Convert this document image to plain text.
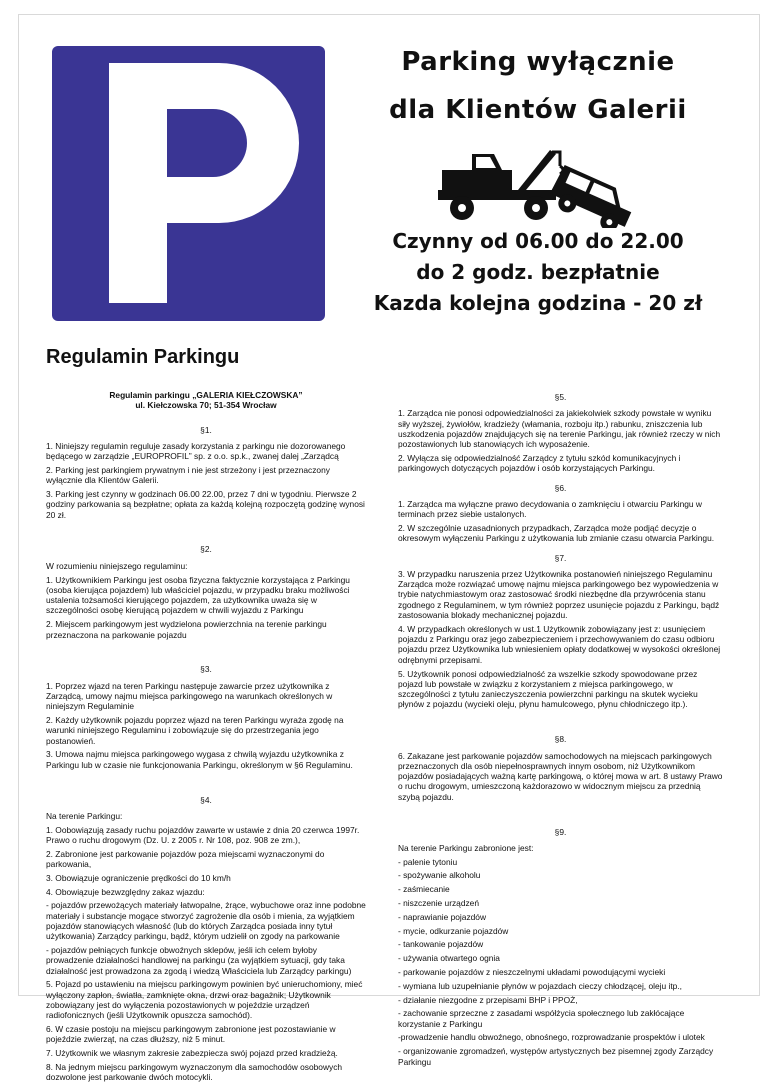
Parking wyłącznie
dla Klientów Galerii
Czynny od 06.00 do 22.00
do 2 godz. bezpłatnie
Kazda kolejna godzina - 20 zł
Regulamin Parkingu
Regulamin parkingu „GALERIA KIEŁCZOWSKA”
ul. Kiełczowska 70; 51-354 Wrocław
§1.

1. Niniejszy regulamin reguluje zasady korzystania z parkingu nie dozorowanego będącego w zarządzie „EUROPROFIL” sp. z o.o. sp.k., zwanej dalej „Zarządcą

2. Parking jest parkingiem prywatnym i nie jest strzeżony i jest przeznaczony wyłącznie dla Klientów Galerii.

3. Parking jest czynny w godzinach 06.00 22.00, przez 7 dni w tygodniu. Pierwsze 2 godziny parkowania są bezpłatne; opłata za każdą kolejną rozpoczętą godzinę wynosi 20 zł.

§2.

W rozumieniu niniejszego regulaminu:

1. Użytkownikiem Parkingu jest osoba fizyczna faktycznie korzystająca z Parkingu (osoba kierująca pojazdem) lub właściciel pojazdu, w przypadku braku możliwości ustalenia tożsamości kierującego pojazdem, za użytkownika uważa się w szczególności osobę kierującą pojazdem w chwili wyjazdu z Parkingu

2. Miejscem parkingowym jest wydzielona powierzchnia na terenie parkingu przeznaczona na parkowanie pojazdu

§3.

1. Poprzez wjazd na teren Parkingu następuje zawarcie przez użytkownika z Zarządcą, umowy najmu miejsca parkingowego na warunkach określonych w niniejszym Regulaminie

2. Każdy użytkownik pojazdu poprzez wjazd na teren Parkingu wyraża zgodę na warunki niniejszego Regulaminu i zobowiązuje się do przestrzegania jego postanowień.

3. Umowa najmu miejsca parkingowego wygasa z chwilą wyjazdu użytkownika z Parkingu lub w czasie nie funkcjonowania Parkingu, określonym w §6 Regulaminu.

§4.

Na terenie Parkingu:

1. Oobowiązują zasady ruchu pojazdów zawarte w ustawie z dnia 20 czerwca 1997r. Prawo o ruchu drogowym (Dz. U. z 2005 r. Nr 108, poz. 908 ze zm.),

2. Zabronione jest parkowanie pojazdów poza miejscami wyznaczonymi do parkowania,

3. Obowiązuje ograniczenie prędkości do 10 km/h

4. Obowiązuje bezwzględny zakaz wjazdu:

- pojazdów przewożących materiały łatwopalne, żrące, wybuchowe oraz inne podobne materiały i substancje mogące stworzyć zagrożenie dla osób i mienia, za wyjątkiem pojazdów stanowiących własność (lub do których Zarządca posiada inny tytuł użytkowania) Zarządcy parkingu, bądź, którym udzielił on zgody na parkowanie

- pojazdów pełniących funkcje obwoźnych sklepów, jeśli ich celem byłoby prowadzenie działalności handlowej na parkingu (za wyjątkiem sytuacji, gdy taka działalność jest prowadzona za zgodą i wiedzą Właściciela lub Zarządcy parkingu)

5. Pojazd po ustawieniu na miejscu parkingowym powinien być unieruchomiony, mieć wyłączony zapłon, światła, zamknięte okna, drzwi oraz bagażnik; Użytkownik zobowiązany jest do wyłączenia pozostawionych w pojeździe urządzeń radiofonicznych (jeśli Użytkownik opuszcza samochód).

6. W czasie postoju na miejscu parkingowym zabronione jest pozostawianie w pojeździe zwierząt, na czas dłuższy, niż 5 minut.

7. Użytkownik we własnym zakresie zabezpiecza swój pojazd przed kradzieżą.

8. Na jednym miejscu parkingowym wyznaczonym dla samochodów osobowych dozwolone jest parkowanie dwóch motocykli.

§5.

1. Zarządca nie ponosi odpowiedzialności za jakiekolwiek szkody powstałe w wyniku siły wyższej, żywiołów, kradzieży (włamania, rozboju itp.) rabunku, zniszczenia lub uszkodzenia pojazdów znajdujących się na terenie Parkingu, jak również rzeczy w nich pozostawionych lub stanowiących ich wyposażenie.

2. Wyłącza się odpowiedzialność Zarządcy z tytułu szkód komunikacyjnych i parkingowych dotyczących pojazdów i osób korzystających Parkingu.

§6.

1. Zarządca ma wyłączne prawo decydowania o zamknięciu i otwarciu Parkingu w terminach przez siebie ustalonych.

2. W szczególnie uzasadnionych przypadkach, Zarządca może podjąć decyzje o okresowym wyłączeniu Parkingu z użytkowania lub zmianie czasu otwarcia Parkingu.

§7.

3. W przypadku naruszenia przez Użytkownika postanowień niniejszego Regulaminu Zarządca może rozwiązać umowę najmu miejsca parkingowego bez wypowiedzenia w trybie natychmiastowym oraz zastosować środki niezbędne dla przywrócenia stanu zgodnego z Regulaminem, w tym również poprzez usunięcie pojazdu z Parkingu, bądź zastosowania blokady mechanicznej pojazdu.

4. W przypadkach określonych w ust.1 Użytkownik zobowiązany jest z: usunięciem pojazdu z Parkingu oraz jego zabezpieczeniem i przechowywaniem do czasu odbioru pojazdu przez Użytkownika lub wniesieniem opłaty dodatkowej w wysokości określonej odrębnymi przepisami.

5. Użytkownik ponosi odpowiedzialność za wszelkie szkody spowodowane przez pojazd lub powstałe w związku z korzystaniem z miejsca parkingowego, w szczególności z tytułu zanieczyszczenia powierzchni parkingu na skutek wycieku płynów z pojazdu (wycieki oleju, płynu hamulcowego, płynu chłodniczego itp.).

§8.

6. Zakazane jest parkowanie pojazdów samochodowych na miejscach parkingowych przeznaczonych dla osób niepełnosprawnych innym osobom, niż Użytkownikom pojazdów posiadających ważną kartę parkingową, o której mowa w art. 8 ustawy Prawo o ruchu drogowym, umieszczoną każdorazowo w widocznym miejscu za przednią szybą pojazdu.

§9.

Na terenie Parkingu zabronione jest:

- palenie tytoniu

- spożywanie alkoholu

- zaśmiecanie

- niszczenie urządzeń

- naprawianie pojazdów

- mycie, odkurzanie pojazdów

- tankowanie pojazdów

- używania otwartego ognia

- parkowanie pojazdów z nieszczelnymi układami powodującymi wycieki

- wymiana lub uzupełnianie płynów w pojazdach cieczy chłodzącej, oleju itp.,

- działanie niezgodne z przepisami BHP i PPOŻ,

- zachowanie sprzeczne z zasadami współżycia społecznego lub zakłócające korzystanie z Parkingu

-prowadzenie handlu obwoźnego, obnośnego, rozprowadzanie prospektów i ulotek

- organizowanie zgromadzeń, występów artystycznych bez pisemnej zgody Zarządcy Parkingu
